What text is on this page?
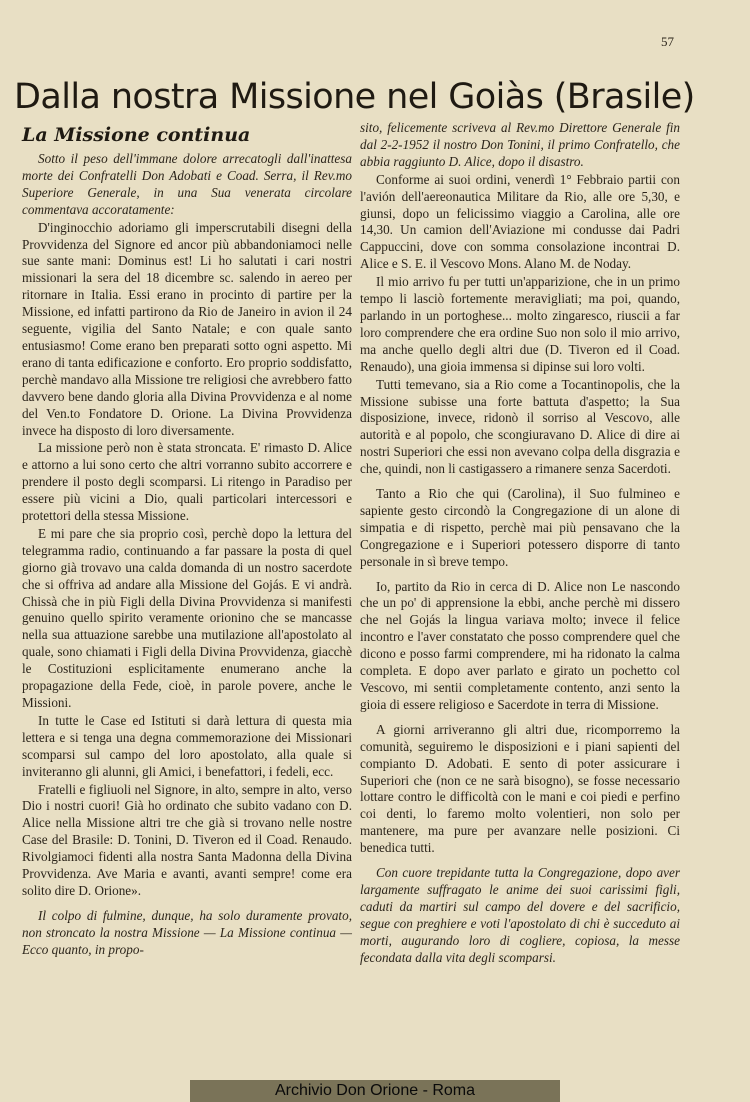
57
Dalla nostra Missione nel Goiàs (Brasile)
La Missione continua

Sotto il peso dell'immane dolore arrecatogli dall'inattesa morte dei Confratelli Don Adobati e Coad. Serra, il Rev.mo Superiore Generale, in una Sua venerata circolare commentava accoratamente:

D'inginocchio adoriamo gli imperscrutabili disegni della Provvidenza del Signore ed ancor più abbandoniamoci nelle sue sante mani: Dominus est! Li ho salutati i cari nostri missionari la sera del 18 dicembre sc. salendo in aereo per ritornare in Italia. Essi erano in procinto di partire per la Missione, ed infatti partirono da Rio de Janeiro in avion il 24 seguente, vigilia del Santo Natale; e con quale santo entusiasmo! Come erano ben preparati sotto ogni aspetto. Mi erano di tanta edificazione e conforto. Ero proprio soddisfatto, perchè mandavo alla Missione tre religiosi che avrebbero fatto davvero bene dando gloria alla Divina Provvidenza e al nome del Ven.to Fondatore D. Orione. La Divina Provvidenza invece ha disposto di loro diversamente.

La missione però non è stata stroncata. E' rimasto D. Alice e attorno a lui sono certo che altri vorranno subito accorrere e prendere il posto degli scomparsi. Li ritengo in Paradiso per essere più vicini a Dio, quali particolari intercessori e protettori della stessa Missione.

E mi pare che sia proprio così, perchè dopo la lettura del telegramma radio, continuando a far passare la posta di quel giorno già trovavo una calda domanda di un nostro sacerdote che si offriva ad andare alla Missione del Gojás. E vi andrà. Chissà che in più Figli della Divina Provvidenza si manifesti genuino quello spirito veramente orionino che se mancasse nella sua attuazione sarebbe una mutilazione all'apostolato al quale, sono chiamati i Figli della Divina Provvidenza, giacchè le Costituzioni esplicitamente enumerano anche la propagazione della Fede, cioè, in parole povere, anche le Missioni.

In tutte le Case ed Istituti si darà lettura di questa mia lettera e si tenga una degna commemorazione dei Missionari scomparsi sul campo del loro apostolato, alla quale si inviteranno gli alunni, gli Amici, i benefattori, i fedeli, ecc.

Fratelli e figliuoli nel Signore, in alto, sempre in alto, verso Dio i nostri cuori! Già ho ordinato che subito vadano con D. Alice nella Missione altri tre che già si trovano nelle nostre Case del Brasile: D. Tonini, D. Tiveron ed il Coad. Renaudo. Rivolgiamoci fidenti alla nostra Santa Madonna della Divina Provvidenza. Ave Maria e avanti, avanti sempre! come era solito dire D. Orione».

Il colpo di fulmine, dunque, ha solo duramente provato, non stroncato la nostra Missione — La Missione continua — Ecco quanto, in propo-

sito, felicemente scriveva al Rev.mo Direttore Generale fin dal 2-2-1952 il nostro Don Tonini, il primo Confratello, che abbia raggiunto D. Alice, dopo il disastro.

Conforme ai suoi ordini, venerdì 1° Febbraio partii con l'avión dell'aereonautica Militare da Rio, alle ore 5,30, e giunsi, dopo un felicissimo viaggio a Carolina, alle ore 14,30. Un camion dell'Aviazione mi condusse dai Padri Cappuccini, dove con somma consolazione incontrai D. Alice e S. E. il Vescovo Mons. Alano M. de Noday.

Il mio arrivo fu per tutti un'apparizione, che in un primo tempo li lasciò fortemente meravigliati; ma poi, quando, parlando in un portoghese... molto zingaresco, riuscii a far loro comprendere che era ordine Suo non solo il mio arrivo, ma anche quello degli altri due (D. Tiveron ed il Coad. Renaudo), una gioia immensa si dipinse sui loro volti.

Tutti temevano, sia a Rio come a Tocantinopolis, che la Missione subisse una forte battuta d'aspetto; la Sua disposizione, invece, ridonò il sorriso al Vescovo, alle autorità e al popolo, che scongiuravano D. Alice di dire ai nostri Superiori che essi non avevano colpa della disgrazia e che, quindi, non li castigassero a rimanere senza Sacerdoti.

Tanto a Rio che qui (Carolina), il Suo fulmineo e sapiente gesto circondò la Congregazione di un alone di simpatia e di rispetto, perchè mai più pensavano che la Congregazione e i Superiori potessero disporre di tanto personale in sì breve tempo.

Io, partito da Rio in cerca di D. Alice non Le nascondo che un po' di apprensione la ebbi, anche perchè mi dissero che nel Gojás la lingua variava molto; invece il felice incontro e l'aver constatato che posso comprendere quel che dicono e posso farmi comprendere, mi ha ridonato la calma completa. E dopo aver parlato e girato un pochetto col Vescovo, mi sentii completamente contento, anzi sento la gioia di essere religioso e Sacerdote in terra di Missione.

A giorni arriveranno gli altri due, ricomporremo la comunità, seguiremo le disposizioni e i piani sapienti del compianto D. Adobati. E sento di poter assicurare i Superiori che (non ce ne sarà bisogno), se fosse necessario lottare contro le difficoltà con le mani e coi piedi e perfino coi denti, lo faremo molto volentieri, non solo per mantenere, ma pure per avanzare nelle posizioni. Ci benedica tutti.

Con cuore trepidante tutta la Congregazione, dopo aver largamente suffragato le anime dei suoi carissimi figli, caduti da martiri sul campo del dovere e del sacrificio, segue con preghiere e voti l'apostolato di chi è succeduto ai morti, augurando loro di cogliere, copiosa, la messe fecondata dalla vita degli scomparsi.

Archivio Don Orione - Roma
